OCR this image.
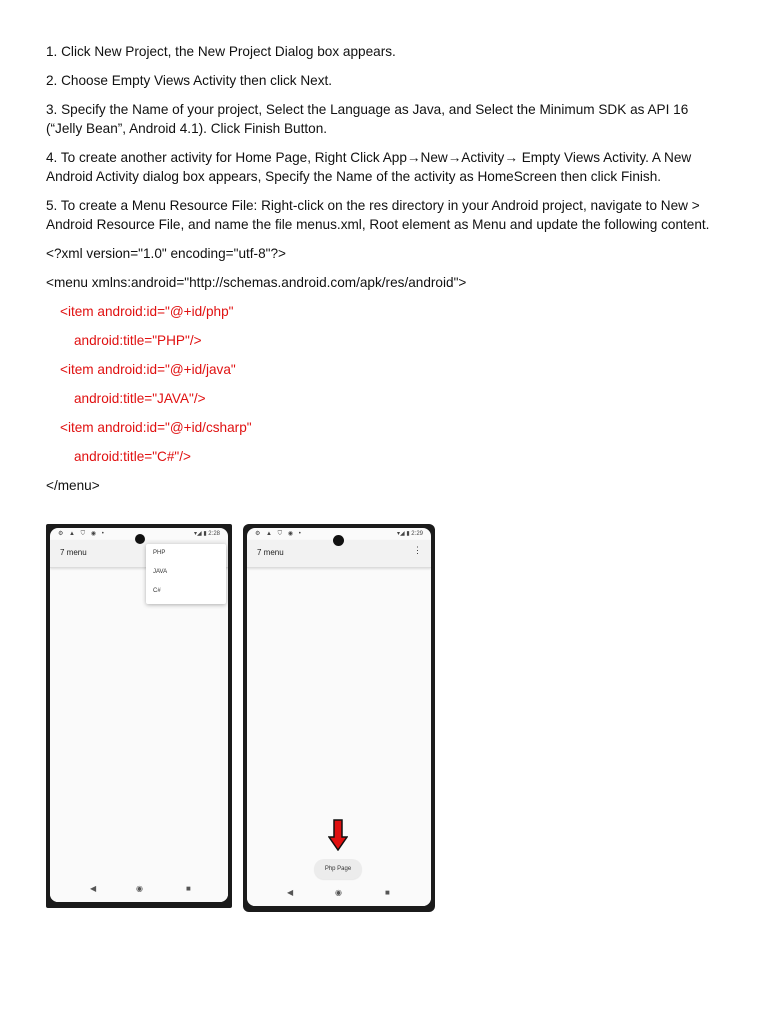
1. Click New Project, the New Project Dialog box appears.

2. Choose Empty Views Activity then click Next.

3. Specify the Name of your project, Select the Language as Java, and Select the Minimum SDK as API 16 (“Jelly Bean”, Android 4.1). Click Finish Button.

4. To create another activity for Home Page, Right Click App→New→Activity→ Empty Views Activity. A New Android Activity dialog box appears, Specify the Name of the activity as HomeScreen then click Finish.

5. To create a Menu Resource File: Right-click on the res directory in your Android project, navigate to New > Android Resource File, and name the file menus.xml, Root element as Menu and update the following content.

<?xml version="1.0" encoding="utf-8"?>
<menu xmlns:android="http://schemas.android.com/apk/res/android">
<item android:id="@+id/php"
android:title="PHP"/>
<item android:id="@+id/java"
android:title="JAVA"/>
<item android:id="@+id/csharp"
android:title="C#"/>
</menu>
⚙ ▲ ⛉ ◉ •	▾◢ ▮ 2:28
7 menu	PHP
JAVA
C#
◀	◉	■
⚙ ▲ ⛉ ◉ •	▾◢ ▮ 2:29
7 menu	⋮
Php Page
◀	◉	■
